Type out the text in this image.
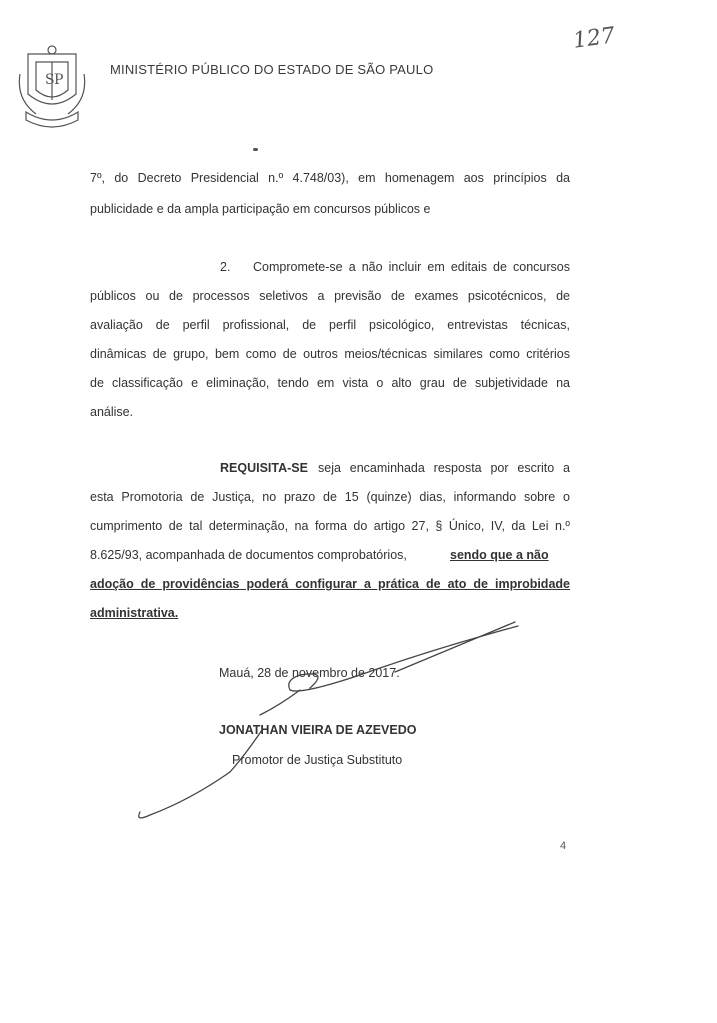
S P
MINISTÉRIO PÚBLICO DO ESTADO DE SÃO PAULO
127
7º, do Decreto Presidencial n.º 4.748/03), em homenagem aos princípios da
publicidade e da ampla participação em concursos públicos e
2.	Compromete-se a não incluir em editais de concursos
públicos ou de processos seletivos a previsão de exames psicotécnicos, de
avaliação de perfil profissional, de perfil psicológico, entrevistas técnicas,
dinâmicas de grupo, bem como de outros meios/técnicas similares como critérios
de classificação e eliminação, tendo em vista o alto grau de subjetividade na
análise.
REQUISITA-SE seja encaminhada resposta por escrito a
esta Promotoria de Justiça, no prazo de 15 (quinze) dias, informando sobre o
cumprimento de tal determinação, na forma do artigo 27, § Único, IV, da Lei n.º
8.625/93, acompanhada de documentos comprobatórios,	sendo que a não
adoção de providências poderá configurar a prática de ato de improbidade
administrativa.
Mauá, 28 de novembro de 2017.
JONATHAN VIEIRA DE AZEVEDO
Promotor de Justiça Substituto
4
